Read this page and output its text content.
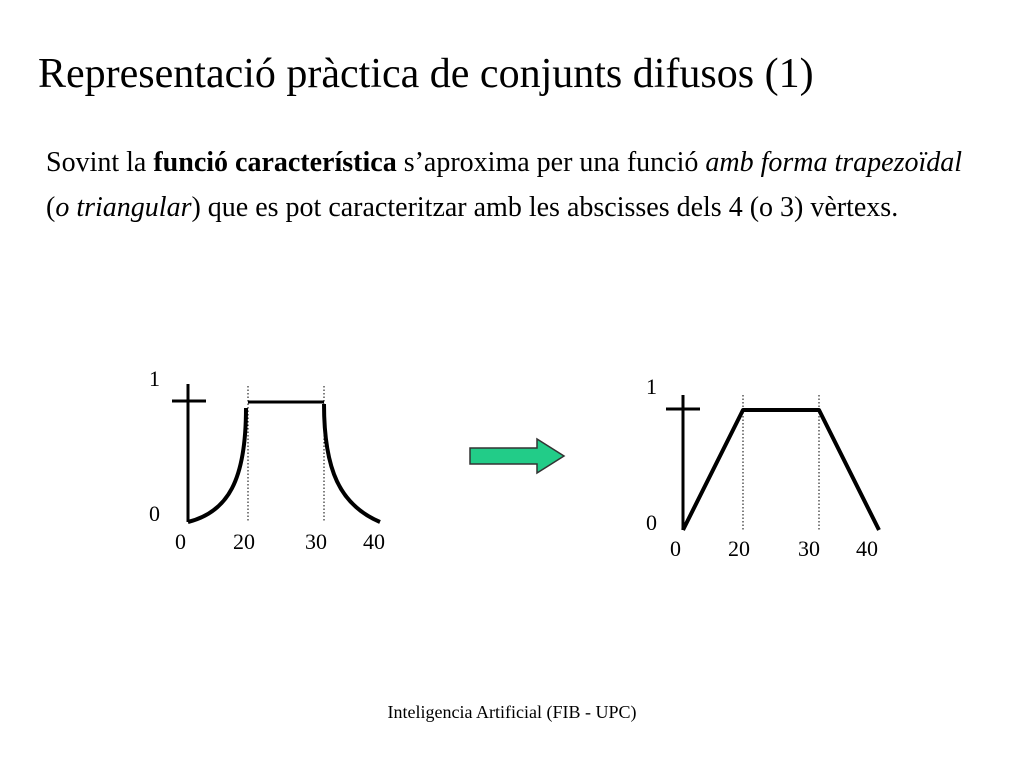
Representació pràctica de conjunts difusos (1)

Sovint la funció característica s’aproxima per una funció amb forma trapezoïdal (o triangular) que es pot caracteritzar amb les abscisses dels 4 (o 3) vèrtexs.

1
0
0 20 30 40
1
0
0 20 30 40
Inteligencia Artificial (FIB - UPC)
